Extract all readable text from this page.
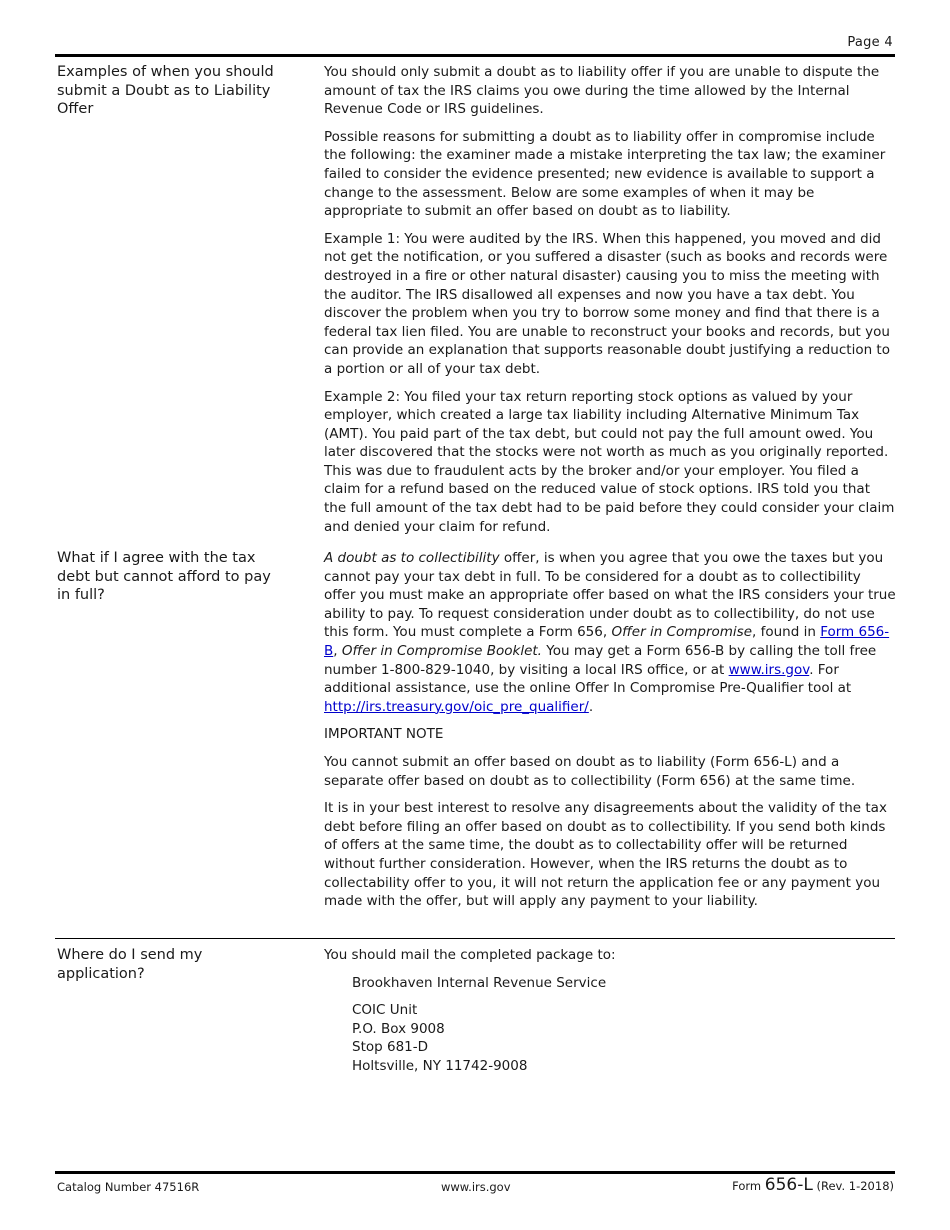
Page 4
Examples of when you should submit a Doubt as to Liability Offer

You should only submit a doubt as to liability offer if you are unable to dispute the amount of tax the IRS claims you owe during the time allowed by the Internal Revenue Code or IRS guidelines.

Possible reasons for submitting a doubt as to liability offer in compromise include the following: the examiner made a mistake interpreting the tax law; the examiner failed to consider the evidence presented; new evidence is available to support a change to the assessment. Below are some examples of when it may be appropriate to submit an offer based on doubt as to liability.

Example 1: You were audited by the IRS. When this happened, you moved and did not get the notification, or you suffered a disaster (such as books and records were destroyed in a fire or other natural disaster) causing you to miss the meeting with the auditor. The IRS disallowed all expenses and now you have a tax debt. You discover the problem when you try to borrow some money and find that there is a federal tax lien filed. You are unable to reconstruct your books and records, but you can provide an explanation that supports reasonable doubt justifying a reduction to a portion or all of your tax debt.

Example 2: You filed your tax return reporting stock options as valued by your employer, which created a large tax liability including Alternative Minimum Tax (AMT). You paid part of the tax debt, but could not pay the full amount owed. You later discovered that the stocks were not worth as much as you originally reported. This was due to fraudulent acts by the broker and/or your employer. You filed a claim for a refund based on the reduced value of stock options. IRS told you that the full amount of the tax debt had to be paid before they could consider your claim and denied your claim for refund.

What if I agree with the tax debt but cannot afford to pay in full?

A doubt as to collectibility offer, is when you agree that you owe the taxes but you cannot pay your tax debt in full. To be considered for a doubt as to collectibility offer you must make an appropriate offer based on what the IRS considers your true ability to pay. To request consideration under doubt as to collectibility, do not use this form. You must complete a Form 656, Offer in Compromise, found in Form 656-B, Offer in Compromise Booklet. You may get a Form 656-B by calling the toll free number 1-800-829-1040, by visiting a local IRS office, or at www.irs.gov. For additional assistance, use the online Offer In Compromise Pre-Qualifier tool at http://irs.treasury.gov/oic_pre_qualifier/.

IMPORTANT NOTE

You cannot submit an offer based on doubt as to liability (Form 656-L) and a separate offer based on doubt as to collectibility (Form 656) at the same time.

It is in your best interest to resolve any disagreements about the validity of the tax debt before filing an offer based on doubt as to collectibility. If you send both kinds of offers at the same time, the doubt as to collectability offer will be returned without further consideration. However, when the IRS returns the doubt as to collectability offer to you, it will not return the application fee or any payment you made with the offer, but will apply any payment to your liability.

Where do I send my application?

You should mail the completed package to:

Brookhaven Internal Revenue Service

COIC Unit
P.O. Box 9008
Stop 681-D
Holtsville, NY 11742-9008

Catalog Number 47516R	www.irs.gov	Form 656-L (Rev. 1-2018)
